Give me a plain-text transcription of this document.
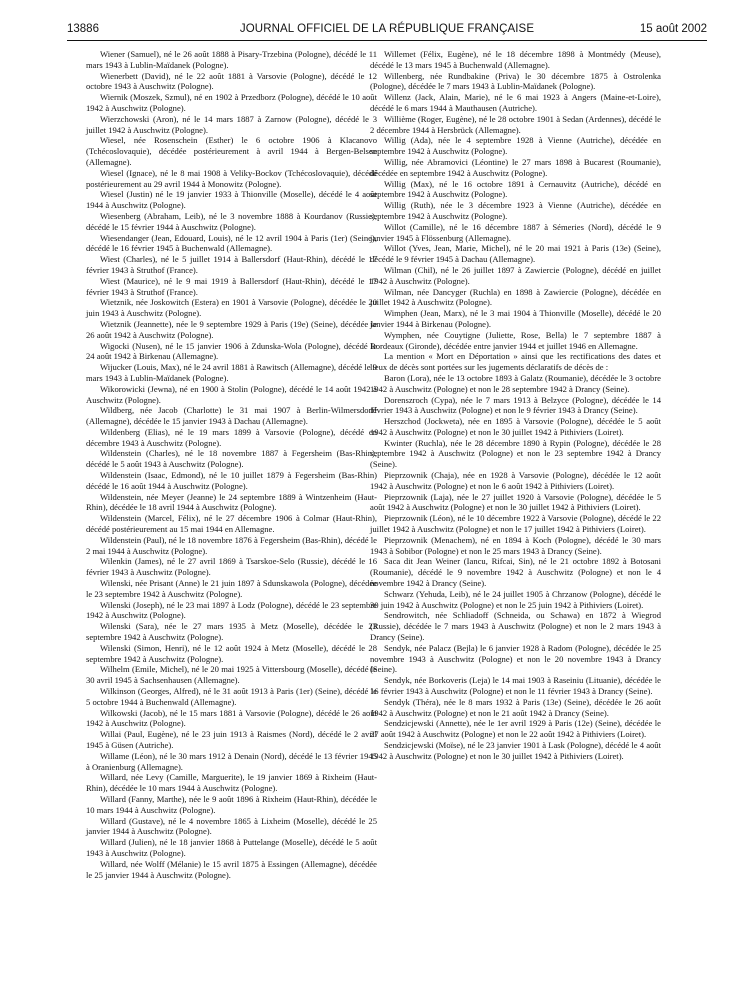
13886	JOURNAL OFFICIEL DE LA RÉPUBLIQUE FRANÇAISE	15 août 2002

Wiener (Samuel), né le 26 août 1888 à Pisary-Trzebina (Pologne), décédé le 11 mars 1943 à Lublin-Maïdanek (Pologne).

Wienerbett (David), né le 22 août 1881 à Varsovie (Pologne), décédé le 12 octobre 1943 à Auschwitz (Pologne).

Wiernik (Moszek, Szmul), né en 1902 à Przedborz (Pologne), décédé le 10 août 1942 à Auschwitz (Pologne).

Wierzchowski (Aron), né le 14 mars 1887 à Zarnow (Pologne), décédé le 3 juillet 1942 à Auschwitz (Pologne).

Wiesel, née Rosenschein (Esther) le 6 octobre 1906 à Klacanovo (Tchécoslovaquie), décédée postérieurement à avril 1944 à Bergen-Belsen (Allemagne).

Wiesel (Ignace), né le 8 mai 1908 à Veliky-Bockov (Tchécoslovaquie), décédé postérieurement au 29 avril 1944 à Monowitz (Pologne).

Wiesel (Justin) né le 19 janvier 1933 à Thionville (Moselle), décédé le 4 août 1944 à Auschwitz (Pologne).

Wiesenberg (Abraham, Leib), né le 3 novembre 1888 à Kourdanov (Russie), décédé le 15 février 1944 à Auschwitz (Pologne).

Wiesendanger (Jean, Edouard, Louis), né le 12 avril 1904 à Paris (1er) (Seine), décédé le 16 février 1945 à Buchenwald (Allemagne).

Wiest (Charles), né le 5 juillet 1914 à Ballersdorf (Haut-Rhin), décédé le 17 février 1943 à Struthof (France).

Wiest (Maurice), né le 9 mai 1919 à Ballersdorf (Haut-Rhin), décédé le 17 février 1943 à Struthof (France).

Wietznik, née Joskowitch (Estera) en 1901 à Varsovie (Pologne), décédée le 20 juin 1943 à Auschwitz (Pologne).

Wietznik (Jeannette), née le 9 septembre 1929 à Paris (19e) (Seine), décédée le 26 août 1942 à Auschwitz (Pologne).

Wigocki (Nusen), né le 15 janvier 1906 à Zdunska-Wola (Pologne), décédé le 24 août 1942 à Birkenau (Allemagne).

Wijucker (Louis, Max), né le 24 avril 1881 à Rawitsch (Allemagne), décédé le 9 mars 1943 à Lublin-Maïdanek (Pologne).

Wikorowicki (Jewna), né en 1900 à Stolin (Pologne), décédé le 14 août 1942 à Auschwitz (Pologne).

Wildberg, née Jacob (Charlotte) le 31 mai 1907 à Berlin-Wilmersdorff (Allemagne), décédée le 15 janvier 1943 à Dachau (Allemagne).

Wildenberg (Elias), né le 19 mars 1899 à Varsovie (Pologne), décédé en décembre 1943 à Auschwitz (Pologne).

Wildenstein (Charles), né le 18 novembre 1887 à Fegersheim (Bas-Rhin), décédé le 5 août 1943 à Auschwitz (Pologne).

Wildenstein (Isaac, Edmond), né le 10 juillet 1879 à Fegersheim (Bas-Rhin) décédé le 16 août 1944 à Auschwitz (Pologne).

Wildenstein, née Meyer (Jeanne) le 24 septembre 1889 à Wintzenheim (Haut-Rhin), décédée le 18 avril 1944 à Auschwitz (Pologne).

Wildenstein (Marcel, Félix), né le 27 décembre 1906 à Colmar (Haut-Rhin), décédé postérieurement au 15 mai 1944 en Allemagne.

Wildenstein (Paul), né le 18 novembre 1876 à Fegersheim (Bas-Rhin), décédé le 2 mai 1944 à Auschwitz (Pologne).

Wilenkin (James), né le 27 avril 1869 à Tsarskoe-Selo (Russie), décédé le 16 février 1943 à Auschwitz (Pologne).

Wilenski, née Prisant (Anne) le 21 juin 1897 à Sdunskawola (Pologne), décédée le 23 septembre 1942 à Auschwitz (Pologne).

Wilenski (Joseph), né le 23 mai 1897 à Lodz (Pologne), décédé le 23 septembre 1942 à Auschwitz (Pologne).

Wilenski (Sara), née le 27 mars 1935 à Metz (Moselle), décédée le 23 septembre 1942 à Auschwitz (Pologne).

Wilenski (Simon, Henri), né le 12 août 1924 à Metz (Moselle), décédé le 28 septembre 1942 à Auschwitz (Pologne).

Wilhelm (Emile, Michel), né le 20 mai 1925 à Vittersbourg (Moselle), décédé le 30 avril 1945 à Sachsenhausen (Allemagne).

Wilkinson (Georges, Alfred), né le 31 août 1913 à Paris (1er) (Seine), décédé le 5 octobre 1944 à Buchenwald (Allemagne).

Wilkowski (Jacob), né le 15 mars 1881 à Varsovie (Pologne), décédé le 26 août 1942 à Auschwitz (Pologne).

Willai (Paul, Eugène), né le 23 juin 1913 à Raismes (Nord), décédé le 2 avril 1945 à Güsen (Autriche).

Willame (Léon), né le 30 mars 1912 à Denain (Nord), décédé le 13 février 1945 à Oranienburg (Allemagne).

Willard, née Levy (Camille, Marguerite), le 19 janvier 1869 à Rixheim (Haut-Rhin), décédée le 10 mars 1944 à Auschwitz (Pologne).

Willard (Fanny, Marthe), née le 9 août 1896 à Rixheim (Haut-Rhin), décédée le 10 mars 1944 à Auschwitz (Pologne).

Willard (Gustave), né le 4 novembre 1865 à Lixheim (Moselle), décédé le 25 janvier 1944 à Auschwitz (Pologne).

Willard (Julien), né le 18 janvier 1868 à Puttelange (Moselle), décédé le 5 août 1943 à Auschwitz (Pologne).

Willard, née Wolff (Mélanie) le 15 avril 1875 à Essingen (Allemagne), décédée le 25 janvier 1944 à Auschwitz (Pologne).

Willemet (Félix, Eugène), né le 18 décembre 1898 à Montmédy (Meuse), décédé le 13 mars 1945 à Buchenwald (Allemagne).

Willenberg, née Rundbakine (Priva) le 30 décembre 1875 à Ostrolenka (Pologne), décédée le 7 mars 1943 à Lublin-Maïdanek (Pologne).

Willenz (Jack, Alain, Marie), né le 6 mai 1923 à Angers (Maine-et-Loire), décédé le 6 mars 1944 à Mauthausen (Autriche).

Willième (Roger, Eugène), né le 28 octobre 1901 à Sedan (Ardennes), décédé le 2 décembre 1944 à Hersbrück (Allemagne).

Willig (Ada), née le 4 septembre 1928 à Vienne (Autriche), décédée en septembre 1942 à Auschwitz (Pologne).

Willig, née Abramovici (Léontine) le 27 mars 1898 à Bucarest (Roumanie), décédée en septembre 1942 à Auschwitz (Pologne).

Willig (Max), né le 16 octobre 1891 à Cernauvitz (Autriche), décédé en septembre 1942 à Auschwitz (Pologne).

Willig (Ruth), née le 3 décembre 1923 à Vienne (Autriche), décédée en septembre 1942 à Auschwitz (Pologne).

Willot (Camille), né le 16 décembre 1887 à Sémeries (Nord), décédé le 9 janvier 1945 à Flössenburg (Allemagne).

Willot (Yves, Jean, Marie, Michel), né le 20 mai 1921 à Paris (13e) (Seine), décédé le 9 février 1945 à Dachau (Allemagne).

Wilman (Chil), né le 26 juillet 1897 à Zawiercie (Pologne), décédé en juillet 1942 à Auschwitz (Pologne).

Wilman, née Dancyger (Ruchla) en 1898 à Zawiercie (Pologne), décédée en juillet 1942 à Auschwitz (Pologne).

Wimphen (Jean, Marx), né le 3 mai 1904 à Thionville (Moselle), décédé le 20 janvier 1944 à Birkenau (Pologne).

Wymphen, née Couytigne (Juliette, Rose, Bella) le 7 septembre 1887 à Bordeaux (Gironde), décédée entre janvier 1944 et juillet 1946 en Allemagne.

La mention « Mort en Déportation » ainsi que les rectifications des dates et lieux de décès sont portées sur les jugements déclaratifs de décès de :

Baron (Lora), née le 13 octobre 1893 à Galatz (Roumanie), décédée le 3 octobre 1942 à Auschwitz (Pologne) et non le 28 septembre 1942 à Drancy (Seine).

Dorenszroch (Cypa), née le 7 mars 1913 à Belzyce (Pologne), décédée le 14 février 1943 à Auschwitz (Pologne) et non le 9 février 1943 à Drancy (Seine).

Herszchod (Jockweta), née en 1895 à Varsovie (Pologne), décédée le 5 août 1942 à Auschwitz (Pologne) et non le 30 juillet 1942 à Pithiviers (Loiret).

Kwinter (Ruchla), née le 28 décembre 1890 à Rypin (Pologne), décédée le 28 septembre 1942 à Auschwitz (Pologne) et non le 23 septembre 1942 à Drancy (Seine).

Pieprzownik (Chaja), née en 1928 à Varsovie (Pologne), décédée le 12 août 1942 à Auschwitz (Pologne) et non le 6 août 1942 à Pithiviers (Loiret).

Pieprzownik (Laja), née le 27 juillet 1920 à Varsovie (Pologne), décédée le 5 août 1942 à Auschwitz (Pologne) et non le 30 juillet 1942 à Pithiviers (Loiret).

Pieprzownik (Léon), né le 10 décembre 1922 à Varsovie (Pologne), décédé le 22 juillet 1942 à Auschwitz (Pologne) et non le 17 juillet 1942 à Pithiviers (Loiret).

Pieprzownik (Menachem), né en 1894 à Koch (Pologne), décédé le 30 mars 1943 à Sobibor (Pologne) et non le 25 mars 1943 à Drancy (Seine).

Saca dit Jean Weiner (Iancu, Rifcai, Sin), né le 21 octobre 1892 à Botosani (Roumanie), décédé le 9 novembre 1942 à Auschwitz (Pologne) et non le 4 novembre 1942 à Drancy (Seine).

Schwarz (Yehuda, Leib), né le 24 juillet 1905 à Chrzanow (Pologne), décédé le 30 juin 1942 à Auschwitz (Pologne) et non le 25 juin 1942 à Pithiviers (Loiret).

Sendrowitch, née Schliadoff (Schneida, ou Schawa) en 1872 à Wiegrod (Russie), décédée le 7 mars 1943 à Auschwitz (Pologne) et non le 2 mars 1943 à Drancy (Seine).

Sendyk, née Palacz (Bejla) le 6 janvier 1928 à Radom (Pologne), décédée le 25 novembre 1943 à Auschwitz (Pologne) et non le 20 novembre 1943 à Drancy (Seine).

Sendyk, née Borkoveris (Leja) le 14 mai 1903 à Raseiniu (Lituanie), décédée le 16 février 1943 à Auschwitz (Pologne) et non le 11 février 1943 à Drancy (Seine).

Sendyk (Théra), née le 8 mars 1932 à Paris (13e) (Seine), décédée le 26 août 1942 à Auschwitz (Pologne) et non le 21 août 1942 à Drancy (Seine).

Sendzicjewski (Annette), née le 1er avril 1929 à Paris (12e) (Seine), décédée le 27 août 1942 à Auschwitz (Pologne) et non le 22 août 1942 à Pithiviers (Loiret).

Sendzicjewski (Moïse), né le 23 janvier 1901 à Lask (Pologne), décédé le 4 août 1942 à Auschwitz (Pologne) et non le 30 juillet 1942 à Pithiviers (Loiret).
